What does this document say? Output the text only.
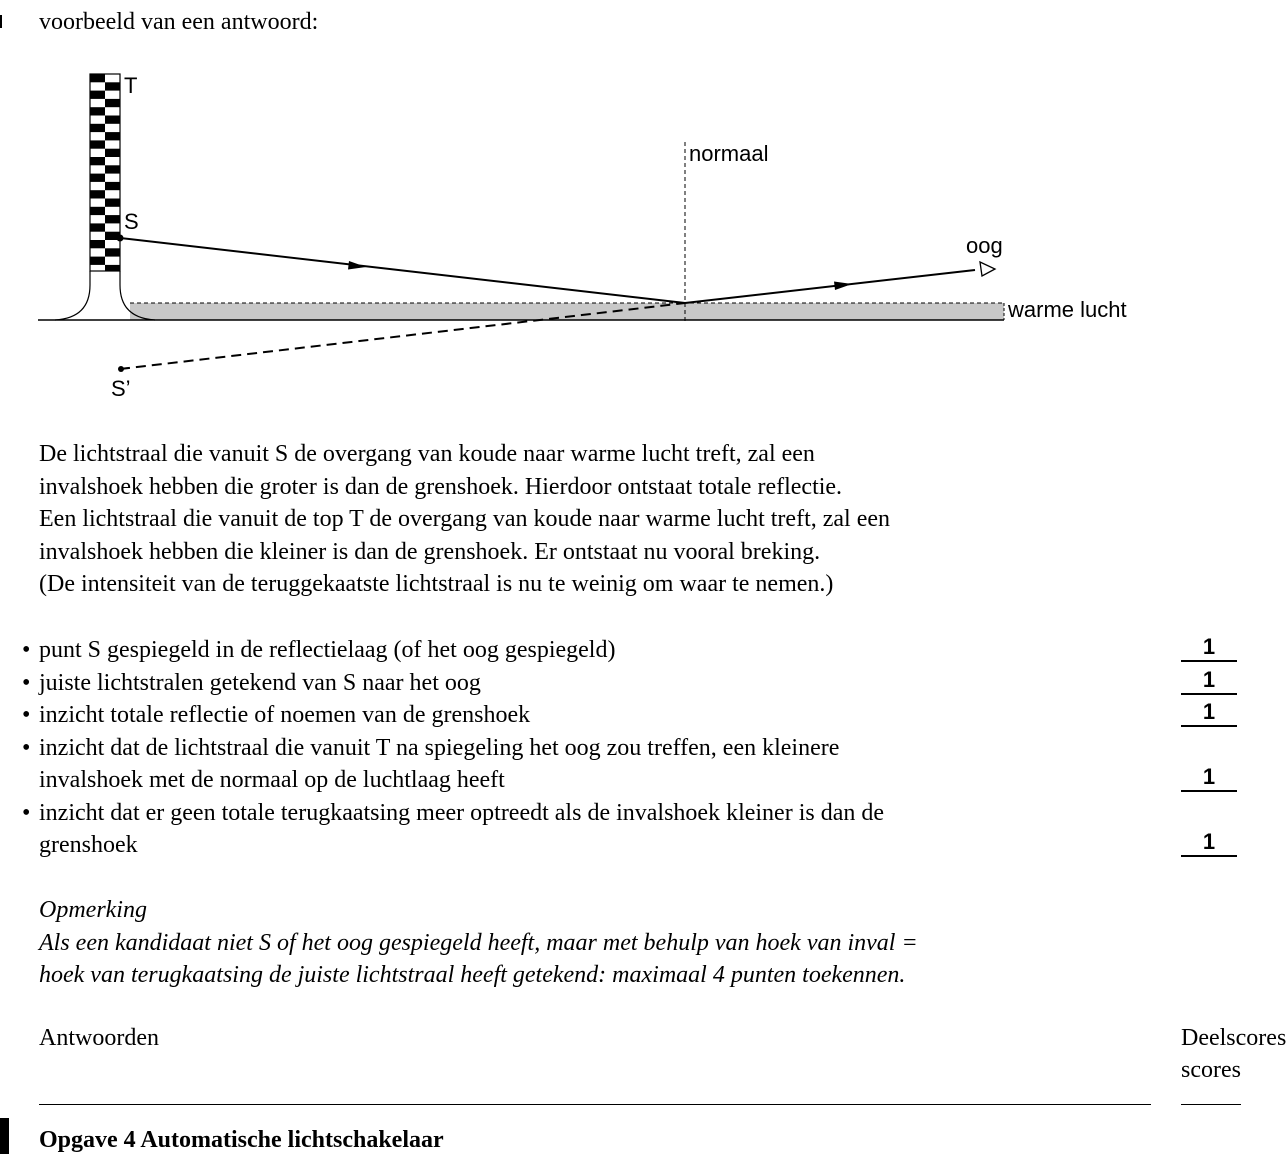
voorbeeld van een antwoord:
T
S
S’
normaal
oog
warme lucht

De lichtstraal die vanuit S de overgang van koude naar warme lucht treft, zal een

invalshoek hebben die groter is dan de grenshoek. Hierdoor ontstaat totale reflectie.

Een lichtstraal die vanuit de top T de overgang van koude naar warme lucht treft, zal een

invalshoek hebben die kleiner is dan de grenshoek. Er ontstaat nu vooral breking.

(De intensiteit van de teruggekaatste lichtstraal is nu te weinig om waar te nemen.)

• punt S gespiegeld in de reflectielaag (of het oog gespiegeld)	1
• juiste lichtstralen getekend van S naar het oog	1
• inzicht totale reflectie of noemen van de grenshoek	1
• inzicht dat de lichtstraal die vanuit T na spiegeling het oog zou treffen, een kleinere
invalshoek met de normaal op de luchtlaag heeft	1
• inzicht dat er geen totale terugkaatsing meer optreedt als de invalshoek kleiner is dan de
grenshoek	1

Opmerking

Als een kandidaat niet S of het oog gespiegeld heeft, maar met behulp van hoek van inval =

hoek van terugkaatsing de juiste lichtstraal heeft getekend: maximaal 4 punten toekennen.

Antwoorden	Deelscores
scores
Opgave 4 Automatische lichtschakelaar
